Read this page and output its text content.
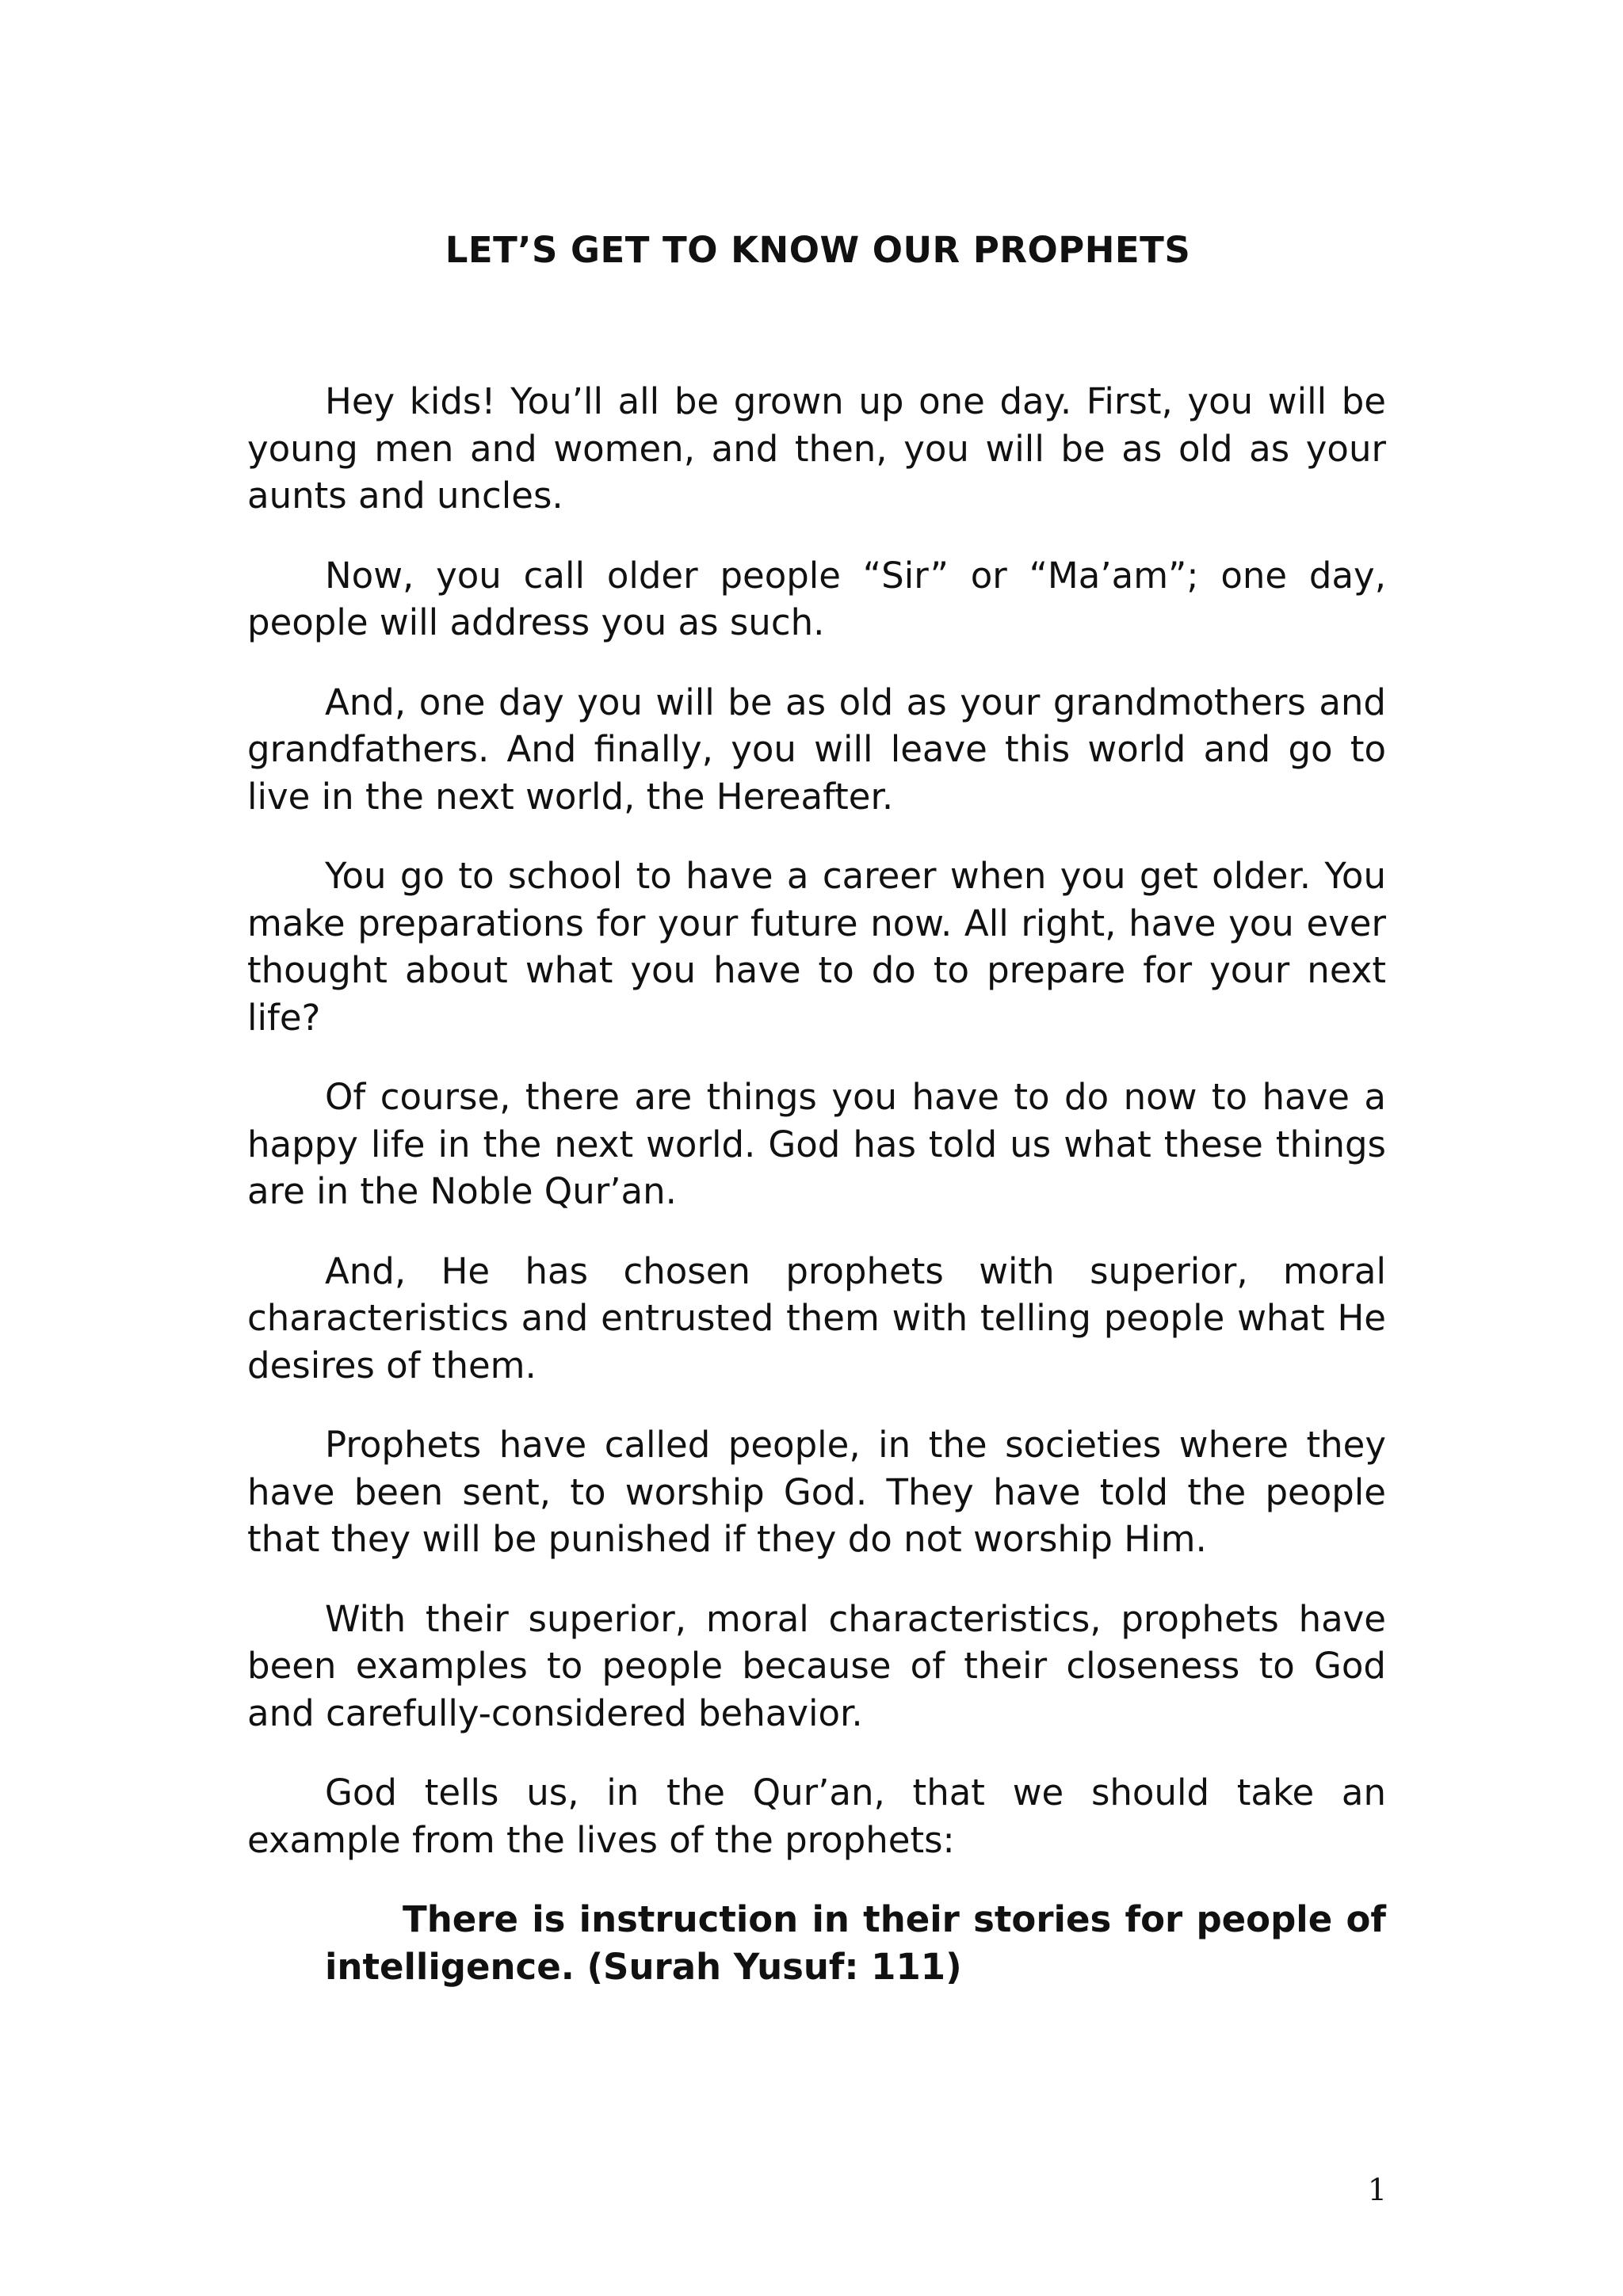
LET’S GET TO KNOW OUR PROPHETS

Hey kids! You’ll all be grown up one day. First, you will be young men and women, and then, you will be as old as your aunts and uncles.

Now, you call older people “Sir” or “Ma’am”; one day, people will address you as such.

And, one day you will be as old as your grandmothers and grandfathers. And finally, you will leave this world and go to live in the next world, the Hereafter.

You go to school to have a career when you get older. You make preparations for your future now. All right, have you ever thought about what you have to do to prepare for your next life?

Of course, there are things you have to do now to have a happy life in the next world. God has told us what these things are in the Noble Qur’an.

And, He has chosen prophets with superior, moral characteristics and entrusted them with telling people what He desires of them.

Prophets have called people, in the societies where they have been sent, to worship God. They have told the people that they will be punished if they do not worship Him.

With their superior, moral characteristics, prophets have been examples to people because of their closeness to God and carefully-considered behavior.

God tells us, in the Qur’an, that we should take an example from the lives of the prophets:

There is instruction in their stories for people of intelligence. (Surah Yusuf: 111)

1
